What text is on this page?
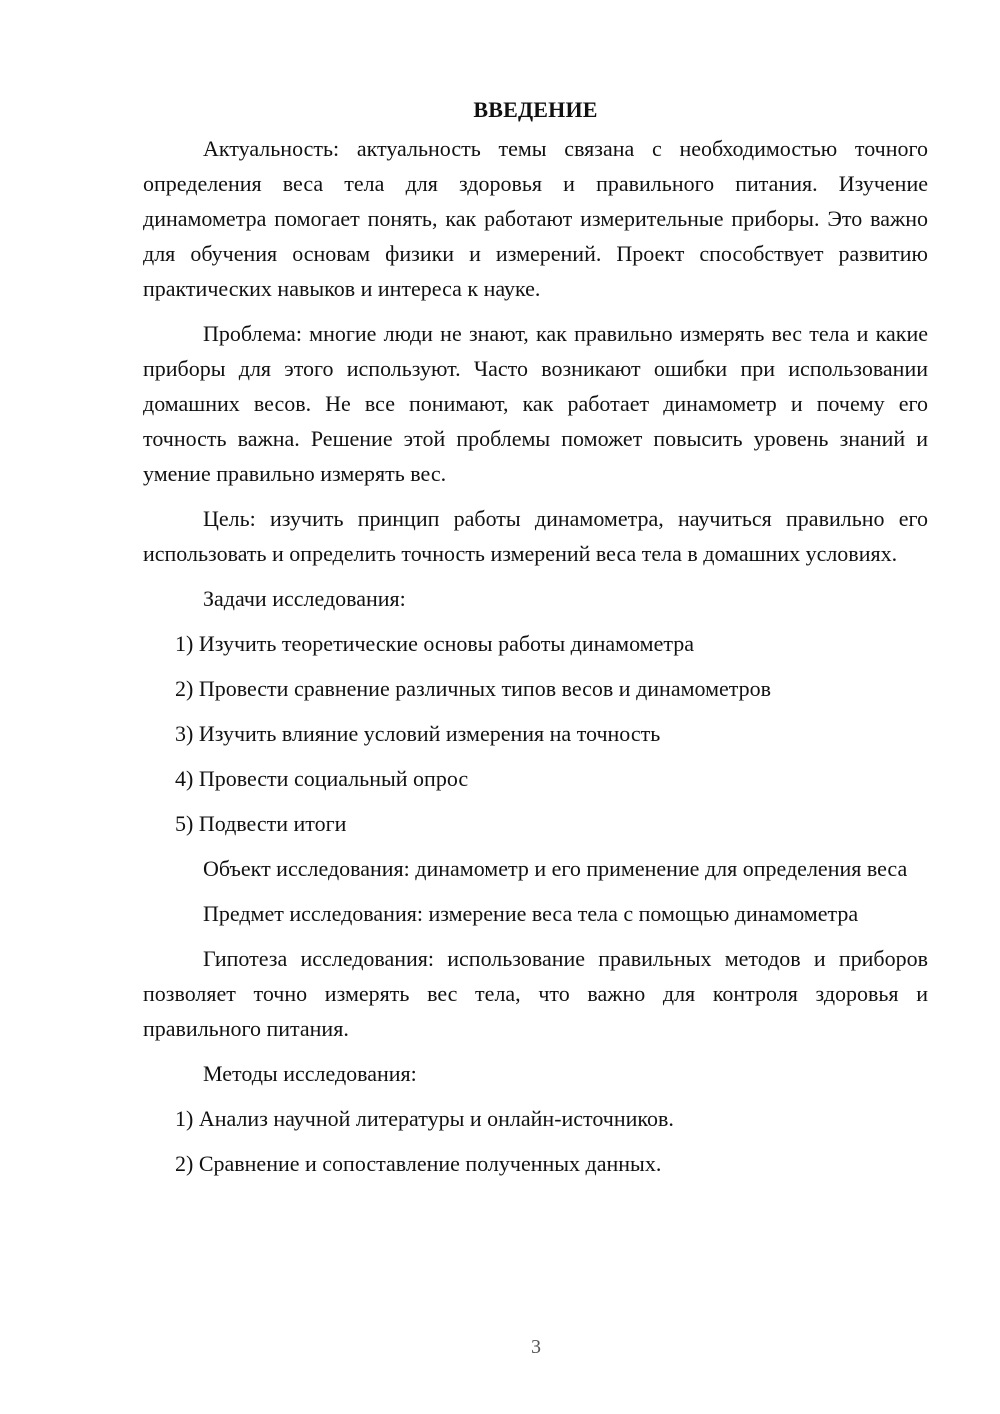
ВВЕДЕНИЕ

Актуальность: актуальность темы связана с необходимостью точного определения веса тела для здоровья и правильного питания. Изучение динамометра помогает понять, как работают измерительные приборы. Это важно для обучения основам физики и измерений. Проект способствует развитию практических навыков и интереса к науке.

Проблема: многие люди не знают, как правильно измерять вес тела и какие приборы для этого используют. Часто возникают ошибки при использовании домашних весов. Не все понимают, как работает динамометр и почему его точность важна. Решение этой проблемы поможет повысить уровень знаний и умение правильно измерять вес.

Цель: изучить принцип работы динамометра, научиться правильно его использовать и определить точность измерений веса тела в домашних условиях.

Задачи исследования:

1) Изучить теоретические основы работы динамометра

2) Провести сравнение различных типов весов и динамометров

3) Изучить влияние условий измерения на точность

4) Провести социальный опрос

5) Подвести итоги

Объект исследования: динамометр и его применение для определения веса

Предмет исследования: измерение веса тела с помощью динамометра

Гипотеза исследования: использование правильных методов и приборов позволяет точно измерять вес тела, что важно для контроля здоровья и правильного питания.

Методы исследования:

1) Анализ научной литературы и онлайн-источников.

2) Сравнение и сопоставление полученных данных.

3
